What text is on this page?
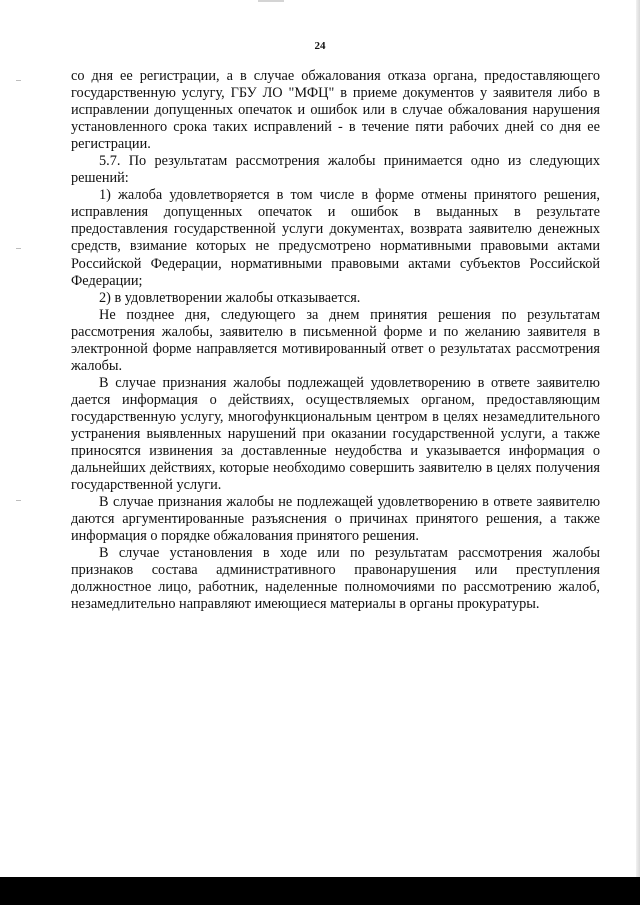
24

со дня ее регистрации, а в случае обжалования отказа органа, предоставляющего государственную услугу, ГБУ ЛО "МФЦ" в приеме документов у заявителя либо в исправлении допущенных опечаток и ошибок или в случае обжалования нарушения установленного срока таких исправлений - в течение пяти рабочих дней со дня ее регистрации.

5.7. По результатам рассмотрения жалобы принимается одно из следующих решений:

1) жалоба удовлетворяется в том числе в форме отмены принятого решения, исправления допущенных опечаток и ошибок в выданных в результате предоставления государственной услуги документах, возврата заявителю денежных средств, взимание которых не предусмотрено нормативными правовыми актами Российской Федерации, нормативными правовыми актами субъектов Российской Федерации;

2) в удовлетворении жалобы отказывается.

Не позднее дня, следующего за днем принятия решения по результатам рассмотрения жалобы, заявителю в письменной форме и по желанию заявителя в электронной форме направляется мотивированный ответ о результатах рассмотрения жалобы.

В случае признания жалобы подлежащей удовлетворению в ответе заявителю дается информация о действиях, осуществляемых органом, предоставляющим государственную услугу, многофункциональным центром в целях незамедлительного устранения выявленных нарушений при оказании государственной услуги, а также приносятся извинения за доставленные неудобства и указывается информация о дальнейших действиях, которые необходимо совершить заявителю в целях получения государственной услуги.

В случае признания жалобы не подлежащей удовлетворению в ответе заявителю даются аргументированные разъяснения о причинах принятого решения, а также информация о порядке обжалования принятого решения.

В случае установления в ходе или по результатам рассмотрения жалобы признаков состава административного правонарушения или преступления должностное лицо, работник, наделенные полномочиями по рассмотрению жалоб, незамедлительно направляют имеющиеся материалы в органы прокуратуры.
